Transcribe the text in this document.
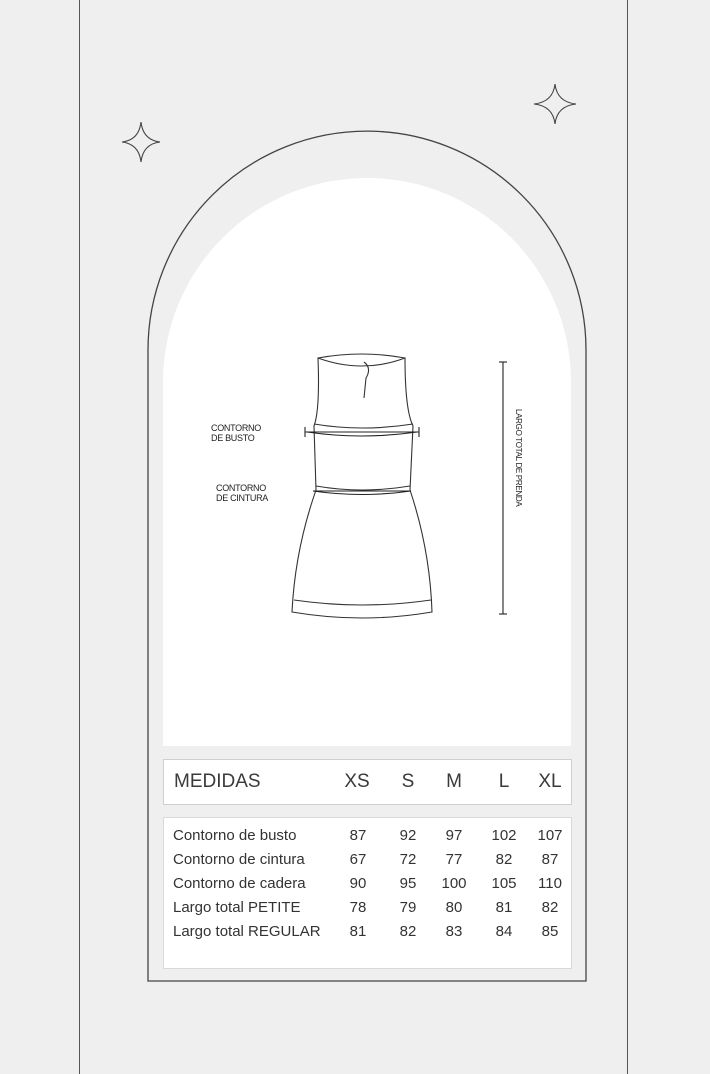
CONTORNO
DE BUSTO
CONTORNO
DE CINTURA	LARGO TOTAL DE PRENDA
MEDIDAS	XS	S	M	L	XL
Contorno de busto	87	92	97	102	107
Contorno de cintura	67	72	77	82	87
Contorno de cadera	90	95	100	105	110
Largo total PETITE	78	79	80	81	82
Largo total REGULAR	81	82	83	84	85
